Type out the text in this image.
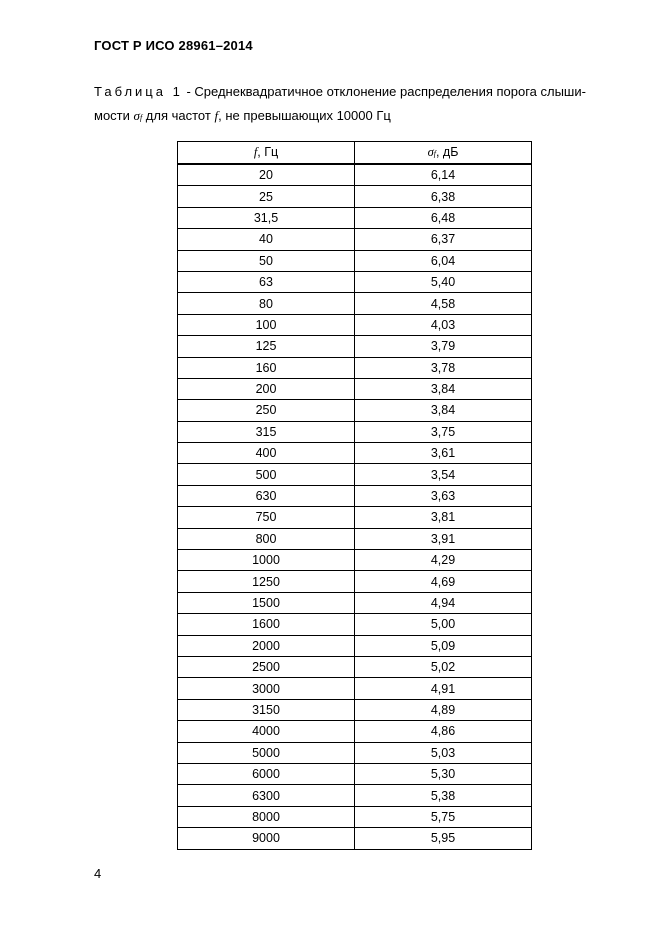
ГОСТ Р ИСО 28961–2014
Таблица 1 - Среднеквадратичное отклонение распределения порога слыши-
мости σf для частот f, не превышающих 10000 Гц
f, Гц	σf, дБ
20	6,14
25	6,38
31,5	6,48
40	6,37
50	6,04
63	5,40
80	4,58
100	4,03
125	3,79
160	3,78
200	3,84
250	3,84
315	3,75
400	3,61
500	3,54
630	3,63
750	3,81
800	3,91
1000	4,29
1250	4,69
1500	4,94
1600	5,00
2000	5,09
2500	5,02
3000	4,91
3150	4,89
4000	4,86
5000	5,03
6000	5,30
6300	5,38
8000	5,75
9000	5,95
4
